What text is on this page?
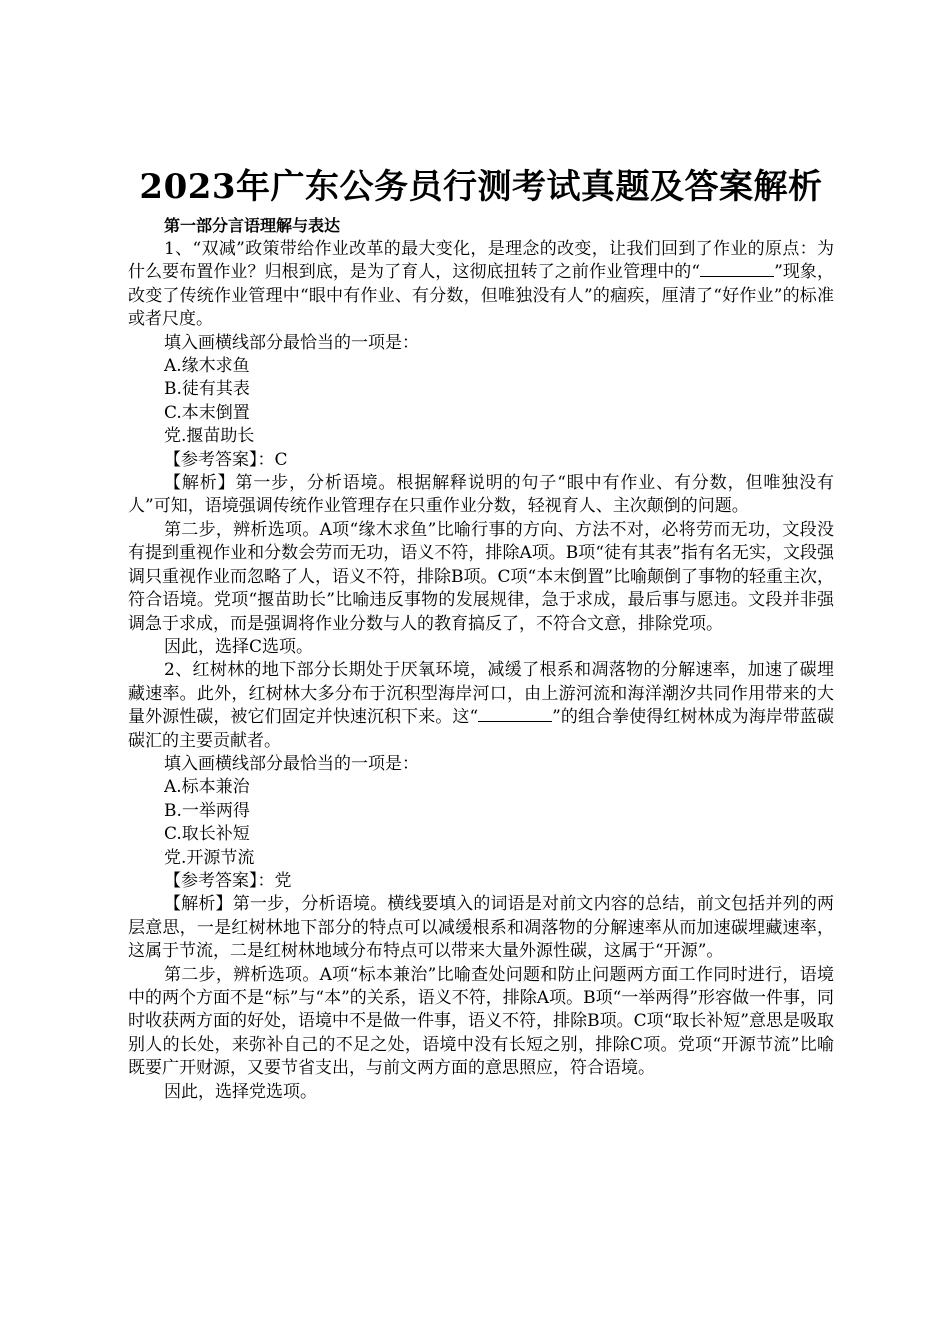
2023年广东公务员行测考试真题及答案解析

第一部分言语理解与表达

1、“双减”政策带给作业改革的最大变化，是理念的改变，让我们回到了作业的原点：为什么要布置作业？归根到底，是为了育人，这彻底扭转了之前作业管理中的“	”现象，改变了传统作业管理中“眼中有作业、有分数，但唯独没有人”的痼疾，厘清了“好作业”的标准或者尺度。

填入画横线部分最恰当的一项是：

A.缘木求鱼

B.徒有其表

C.本末倒置

党.揠苗助长

【参考答案】：C

【解析】第一步，分析语境。根据解释说明的句子“眼中有作业、有分数，但唯独没有人”可知，语境强调传统作业管理存在只重作业分数，轻视育人、主次颠倒的问题。

第二步，辨析选项。A项“缘木求鱼”比喻行事的方向、方法不对，必将劳而无功，文段没有提到重视作业和分数会劳而无功，语义不符，排除A项。B项“徒有其表”指有名无实，文段强调只重视作业而忽略了人，语义不符，排除B项。C项“本末倒置”比喻颠倒了事物的轻重主次，符合语境。党项“揠苗助长”比喻违反事物的发展规律，急于求成，最后事与愿违。文段并非强调急于求成，而是强调将作业分数与人的教育搞反了，不符合文意，排除党项。

因此，选择C选项。

2、红树林的地下部分长期处于厌氧环境，减缓了根系和凋落物的分解速率，加速了碳埋藏速率。此外，红树林大多分布于沉积型海岸河口，由上游河流和海洋潮汐共同作用带来的大量外源性碳，被它们固定并快速沉积下来。这“	”的组合拳使得红树林成为海岸带蓝碳碳汇的主要贡献者。

填入画横线部分最恰当的一项是：

A.标本兼治

B.一举两得

C.取长补短

党.开源节流

【参考答案】：党

【解析】第一步，分析语境。横线要填入的词语是对前文内容的总结，前文包括并列的两层意思，一是红树林地下部分的特点可以减缓根系和凋落物的分解速率从而加速碳埋藏速率，这属于节流，二是红树林地域分布特点可以带来大量外源性碳，这属于“开源”。

第二步，辨析选项。A项“标本兼治”比喻查处问题和防止问题两方面工作同时进行，语境中的两个方面不是“标”与“本”的关系，语义不符，排除A项。B项“一举两得”形容做一件事，同时收获两方面的好处，语境中不是做一件事，语义不符，排除B项。C项“取长补短”意思是吸取别人的长处，来弥补自己的不足之处，语境中没有长短之别，排除C项。党项“开源节流”比喻既要广开财源，又要节省支出，与前文两方面的意思照应，符合语境。

因此，选择党选项。
